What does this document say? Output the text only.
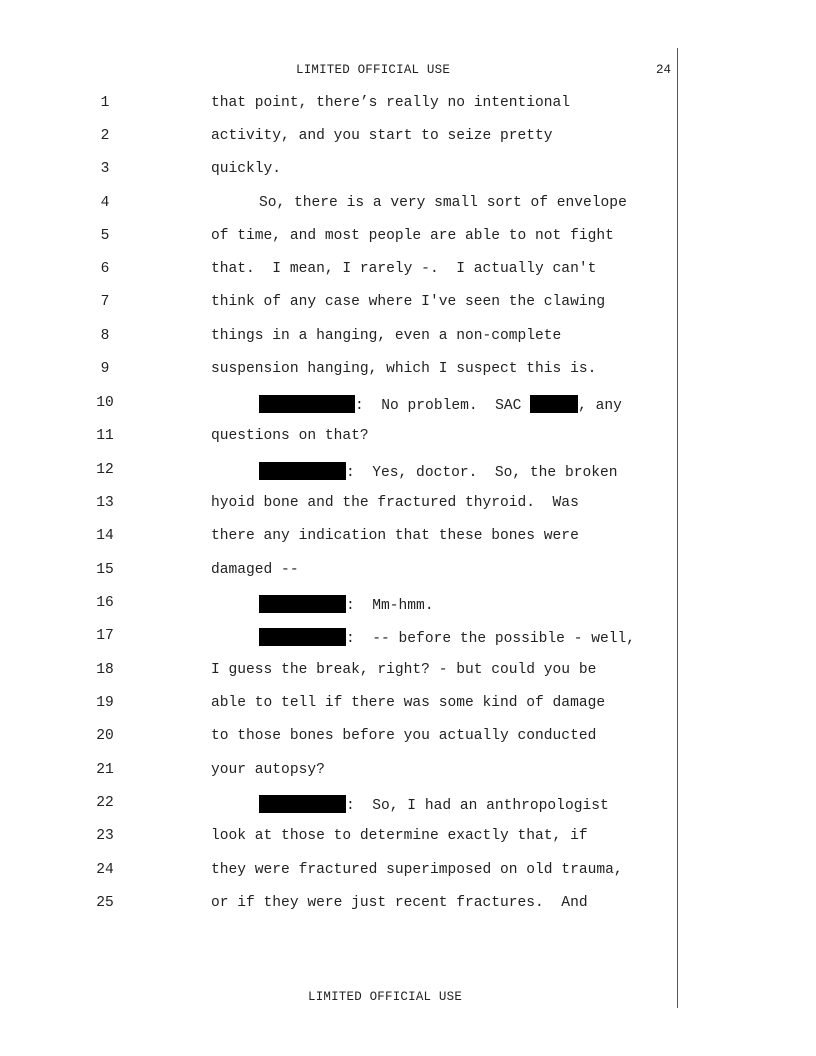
LIMITED OFFICIAL USE	24
1	that point, there’s really no intentional
2	activity, and you start to seize pretty
3	quickly.
4	So, there is a very small sort of envelope
5	of time, and most people are able to not fight
6	that.  I mean, I rarely -.  I actually can't
7	think of any case where I've seen the clawing
8	things in a hanging, even a non-complete
9	suspension hanging, which I suspect this is.
10	:  No problem.  SAC	, any
11	questions on that?
12	:  Yes, doctor.  So, the broken
13	hyoid bone and the fractured thyroid.  Was
14	there any indication that these bones were
15	damaged --
16	:  Mm-hmm.
17	:  -- before the possible - well,
18	I guess the break, right? - but could you be
19	able to tell if there was some kind of damage
20	to those bones before you actually conducted
21	your autopsy?
22	:  So, I had an anthropologist
23	look at those to determine exactly that, if
24	they were fractured superimposed on old trauma,
25	or if they were just recent fractures.  And
LIMITED OFFICIAL USE
